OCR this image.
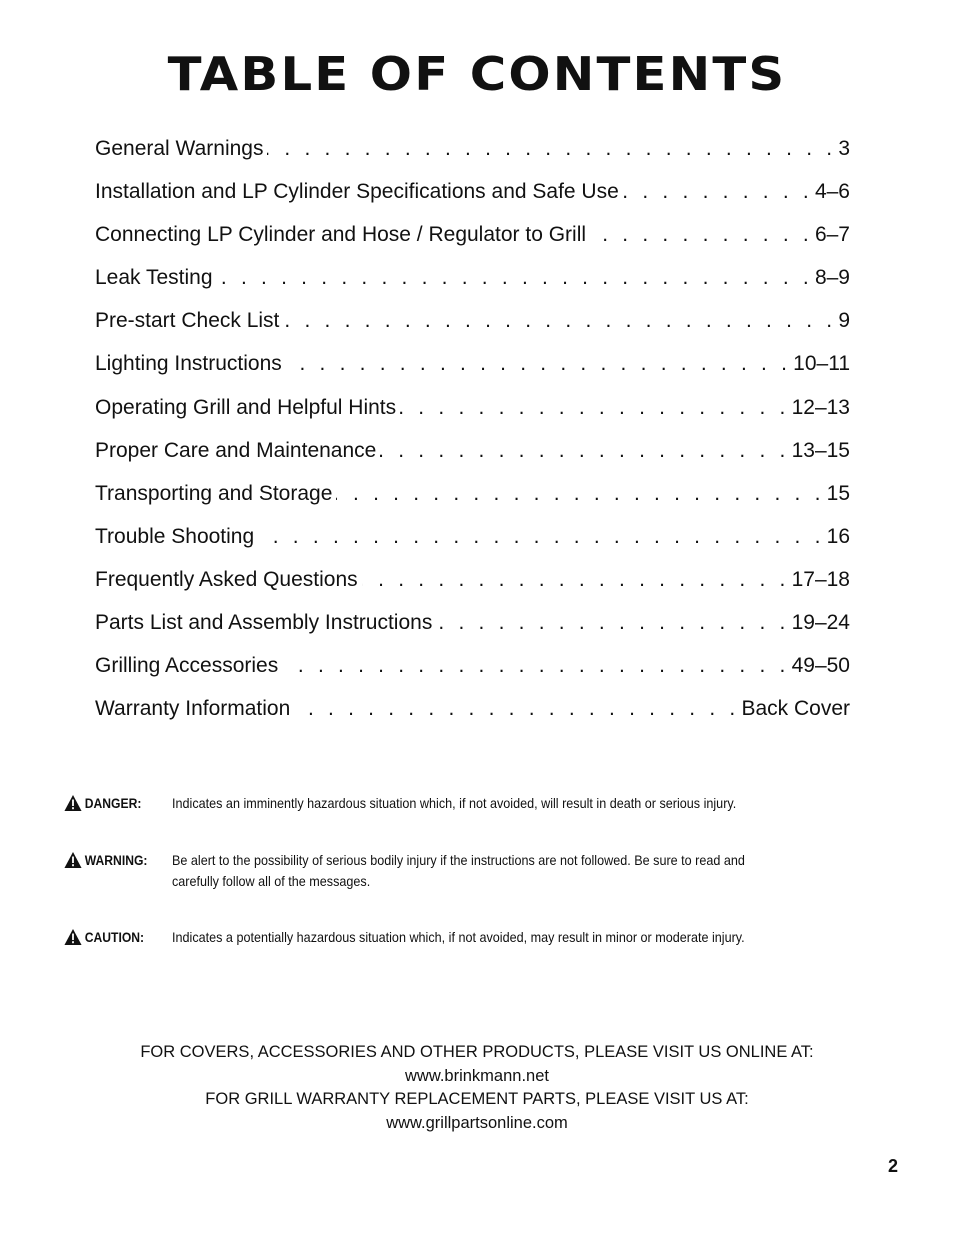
TABLE OF CONTENTS
General Warnings . . .	3
Installation and LP Cylinder Specifications and Safe Use . . .	4–6
Connecting LP Cylinder and Hose / Regulator to Grill . . .	6–7
Leak Testing . . .	8–9
Pre-start Check List . . .	9
Lighting Instructions . . .	10–11
Operating Grill and Helpful Hints . . .	12–13
Proper Care and Maintenance . . .	13–15
Transporting and Storage . . .	15
Trouble Shooting . . .	16
Frequently Asked Questions . . .	17–18
Parts List and Assembly Instructions . . .	19–24
Grilling Accessories . . .	49–50
Warranty Information . . .	Back Cover
DANGER: Indicates an imminently hazardous situation which, if not avoided, will result in death or serious injury.
WARNING: Be alert to the possibility of serious bodily injury if the instructions are not followed. Be sure to read and carefully follow all of the messages.
CAUTION: Indicates a potentially hazardous situation which, if not avoided, may result in minor or moderate injury.
FOR COVERS, ACCESSORIES AND OTHER PRODUCTS, PLEASE VISIT US ONLINE AT:
www.brinkmann.net
FOR GRILL WARRANTY REPLACEMENT PARTS, PLEASE VISIT US AT:
www.grillpartsonline.com
2
